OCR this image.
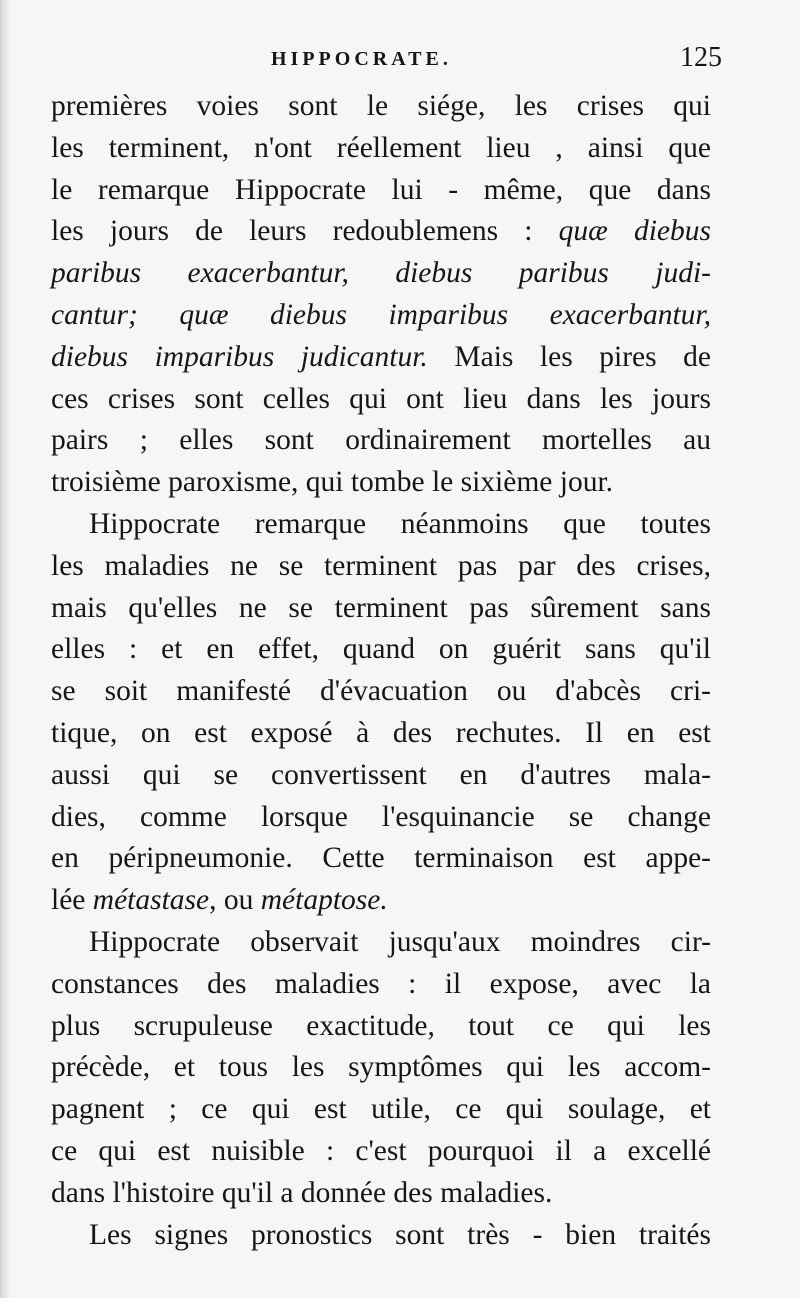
HIPPOCRATE.	125
premières voies sont le siége, les crises qui
les terminent, n'ont réellement lieu , ainsi que
le remarque Hippocrate lui - même, que dans
les jours de leurs redoublemens : quæ diebus
paribus exacerbantur, diebus paribus judi-
cantur; quæ diebus imparibus exacerbantur,
diebus imparibus judicantur. Mais les pires de
ces crises sont celles qui ont lieu dans les jours
pairs ; elles sont ordinairement mortelles au
troisième paroxisme, qui tombe le sixième jour.
Hippocrate remarque néanmoins que toutes
les maladies ne se terminent pas par des crises,
mais qu'elles ne se terminent pas sûrement sans
elles : et en effet, quand on guérit sans qu'il
se soit manifesté d'évacuation ou d'abcès cri-
tique, on est exposé à des rechutes. Il en est
aussi qui se convertissent en d'autres mala-
dies, comme lorsque l'esquinancie se change
en péripneumonie. Cette terminaison est appe-
lée métastase, ou métaptose.
Hippocrate observait jusqu'aux moindres cir-
constances des maladies : il expose, avec la
plus scrupuleuse exactitude, tout ce qui les
précède, et tous les symptômes qui les accom-
pagnent ; ce qui est utile, ce qui soulage, et
ce qui est nuisible : c'est pourquoi il a excellé
dans l'histoire qu'il a donnée des maladies.
Les signes pronostics sont très - bien traités
